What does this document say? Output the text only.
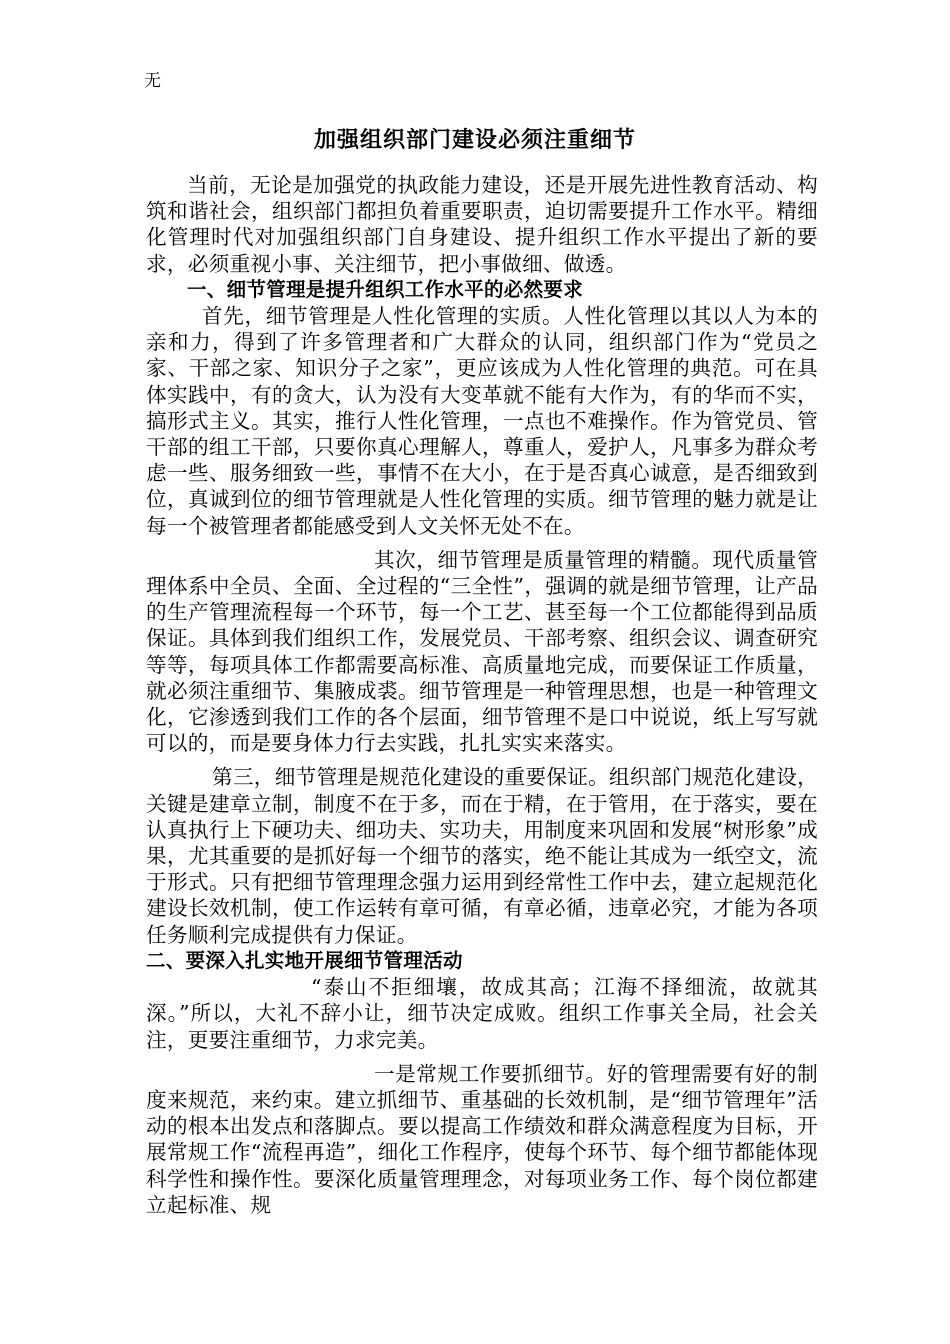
无
加强组织部门建设必须注重细节

当前，无论是加强党的执政能力建设，还是开展先进性教育活动、构筑和谐社会，组织部门都担负着重要职责，迫切需要提升工作水平。精细化管理时代对加强组织部门自身建设、提升组织工作水平提出了新的要求，必须重视小事、关注细节，把小事做细、做透。

一、细节管理是提升组织工作水平的必然要求

首先，细节管理是人性化管理的实质。人性化管理以其以人为本的亲和力，得到了许多管理者和广大群众的认同，组织部门作为“党员之家、干部之家、知识分子之家”，更应该成为人性化管理的典范。可在具体实践中，有的贪大，认为没有大变革就不能有大作为，有的华而不实，搞形式主义。其实，推行人性化管理，一点也不难操作。作为管党员、管干部的组工干部，只要你真心理解人，尊重人，爱护人，凡事多为群众考虑一些、服务细致一些，事情不在大小，在于是否真心诚意，是否细致到位，真诚到位的细节管理就是人性化管理的实质。细节管理的魅力就是让每一个被管理者都能感受到人文关怀无处不在。

其次，细节管理是质量管理的精髓。现代质量管理体系中全员、全面、全过程的“三全性”，强调的就是细节管理，让产品的生产管理流程每一个环节，每一个工艺、甚至每一个工位都能得到品质保证。具体到我们组织工作，发展党员、干部考察、组织会议、调查研究等等，每项具体工作都需要高标准、高质量地完成，而要保证工作质量，就必须注重细节、集腋成裘。细节管理是一种管理思想，也是一种管理文化，它渗透到我们工作的各个层面，细节管理不是口中说说，纸上写写就可以的，而是要身体力行去实践，扎扎实实来落实。

第三，细节管理是规范化建设的重要保证。组织部门规范化建设，关键是建章立制，制度不在于多，而在于精，在于管用，在于落实，要在认真执行上下硬功夫、细功夫、实功夫，用制度来巩固和发展“树形象”成果，尤其重要的是抓好每一个细节的落实，绝不能让其成为一纸空文，流于形式。只有把细节管理理念强力运用到经常性工作中去，建立起规范化建设长效机制，使工作运转有章可循，有章必循，违章必究，才能为各项任务顺利完成提供有力保证。

二、要深入扎实地开展细节管理活动

“泰山不拒细壤，故成其高；江海不择细流，故就其深。”所以，大礼不辞小让，细节决定成败。组织工作事关全局，社会关注，更要注重细节，力求完美。

一是常规工作要抓细节。好的管理需要有好的制度来规范，来约束。建立抓细节、重基础的长效机制，是“细节管理年”活动的根本出发点和落脚点。要以提高工作绩效和群众满意程度为目标，开展常规工作“流程再造”，细化工作程序，使每个环节、每个细节都能体现科学性和操作性。要深化质量管理理念，对每项业务工作、每个岗位都建立起标准、规
